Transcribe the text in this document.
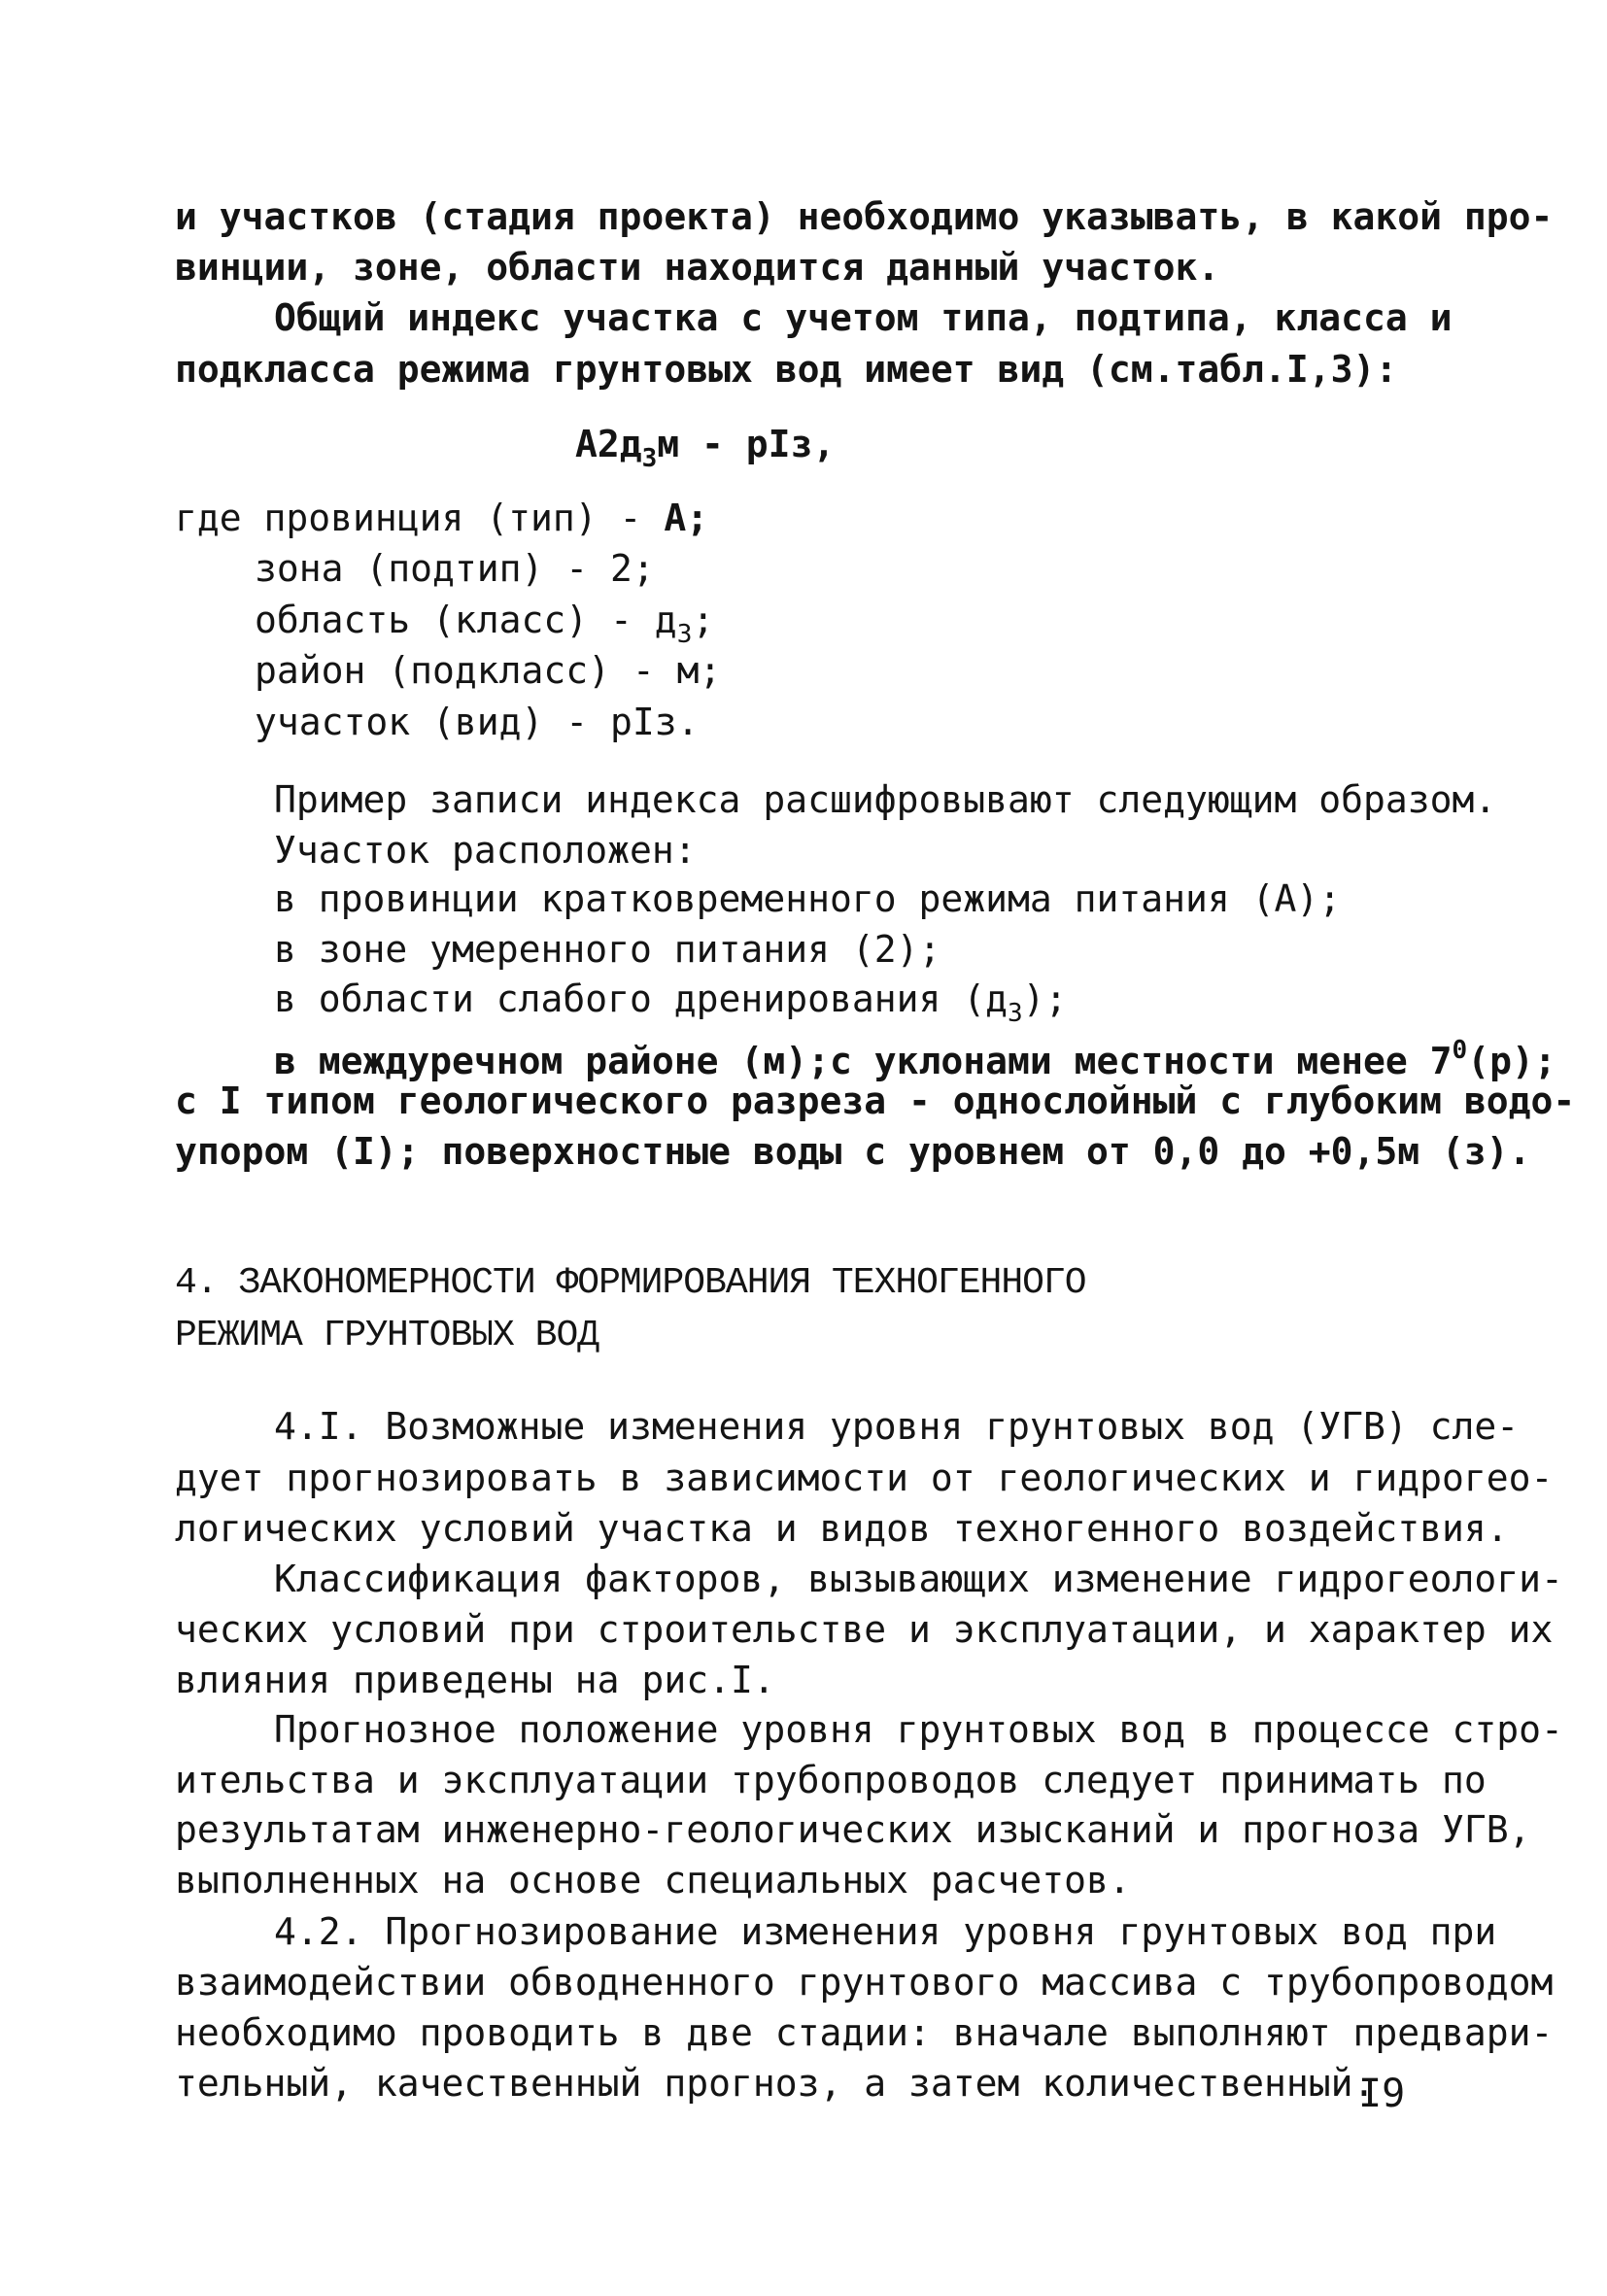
и участков (стадия проекта) необходимо указывать, в какой про-
винции, зоне, области находится данный участок.
Общий индекс участка с учетом типа, подтипа, класса и
подкласса режима грунтовых вод имеет вид (см.табл.I,3):
$А2д_3м$ - рIз,
где провинция (тип) - А;
зона (подтип) - 2;
область (класс) - $д_3$;
район (подкласс) - м;
участок (вид) - рIз.
Пример записи индекса расшифровывают следующим образом.
Участок расположен:
в провинции кратковременного режима питания (А);
в зоне умеренного питания (2);
в области слабого дренирования $(д_3)$;
в междуречном районе (м);с уклонами местности менее $7^0(р)$;
с I типом геологического разреза - однослойный с глубоким водо-
упором (I); поверхностные воды с уровнем от 0,0 до +0,5м (з).
4. ЗАКОНОМЕРНОСТИ ФОРМИРОВАНИЯ ТЕХНОГЕННОГО
РЕЖИМА ГРУНТОВЫХ ВОД
4.I. Возможные изменения уровня грунтовых вод (УГВ) сле-
дует прогнозировать в зависимости от геологических и гидрогео-
логических условий участка и видов техногенного воздействия.
Классификация факторов, вызывающих изменение гидрогеологи-
ческих условий при строительстве и эксплуатации, и характер их
влияния приведены на рис.I.
Прогнозное положение уровня грунтовых вод в процессе стро-
ительства и эксплуатации трубопроводов следует принимать по
результатам инженерно-геологических изысканий и прогноза УГВ,
выполненных на основе специальных расчетов.
4.2. Прогнозирование изменения уровня грунтовых вод при
взаимодействии обводненного грунтового массива с трубопроводом
необходимо проводить в две стадии: вначале выполняют предвари-
тельный, качественный прогноз, а затем количественный.
I9
